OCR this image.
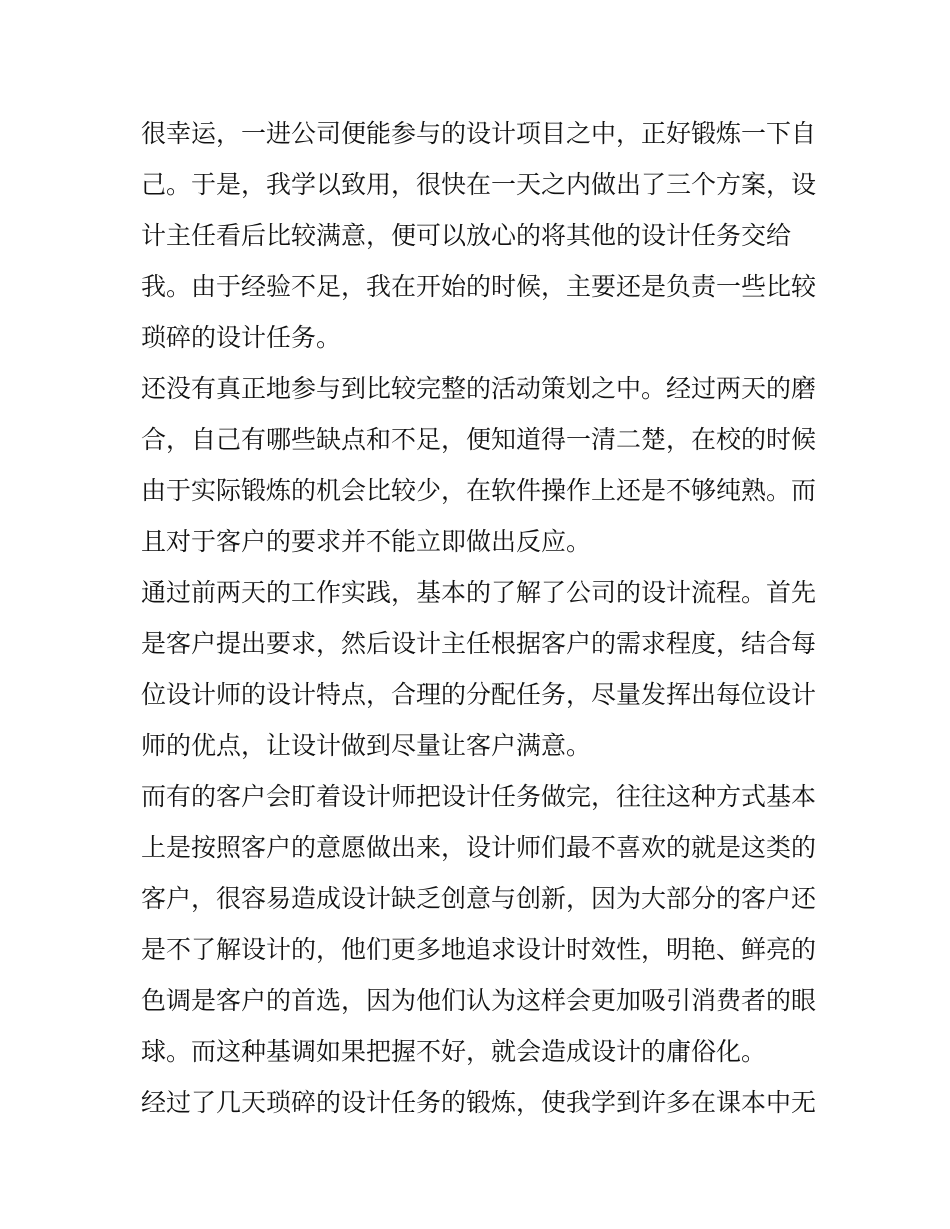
很幸运，一进公司便能参与的设计项目之中，正好锻炼一下自
己。于是，我学以致用，很快在一天之内做出了三个方案，设
计主任看后比较满意，便可以放心的将其他的设计任务交给
我。由于经验不足，我在开始的时候，主要还是负责一些比较
琐碎的设计任务。
还没有真正地参与到比较完整的活动策划之中。经过两天的磨
合，自己有哪些缺点和不足，便知道得一清二楚，在校的时候
由于实际锻炼的机会比较少，在软件操作上还是不够纯熟。而
且对于客户的要求并不能立即做出反应。
通过前两天的工作实践，基本的了解了公司的设计流程。首先
是客户提出要求，然后设计主任根据客户的需求程度，结合每
位设计师的设计特点，合理的分配任务，尽量发挥出每位设计
师的优点，让设计做到尽量让客户满意。
而有的客户会盯着设计师把设计任务做完，往往这种方式基本
上是按照客户的意愿做出来，设计师们最不喜欢的就是这类的
客户，很容易造成设计缺乏创意与创新，因为大部分的客户还
是不了解设计的，他们更多地追求设计时效性，明艳、鲜亮的
色调是客户的首选，因为他们认为这样会更加吸引消费者的眼
球。而这种基调如果把握不好，就会造成设计的庸俗化。
经过了几天琐碎的设计任务的锻炼，使我学到许多在课本中无
